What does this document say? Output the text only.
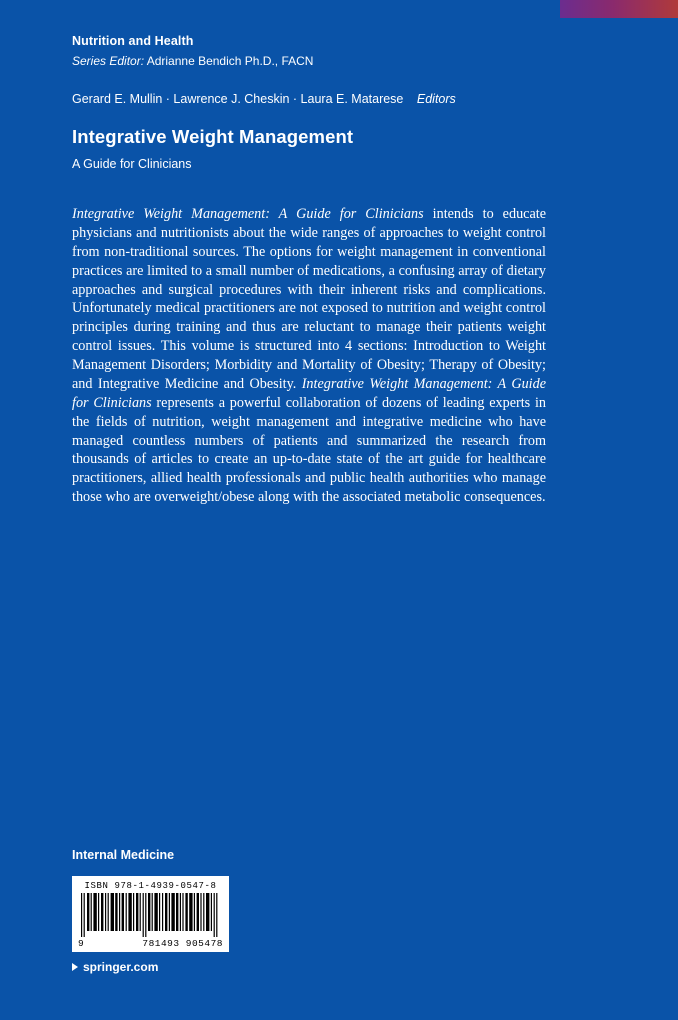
Nutrition and Health
Series Editor: Adrianne Bendich Ph.D., FACN
Gerard E. Mullin · Lawrence J. Cheskin · Laura E. Matarese Editors
Integrative Weight Management
A Guide for Clinicians

Integrative Weight Management: A Guide for Clinicians intends to educate physicians and nutritionists about the wide ranges of approaches to weight control from non-traditional sources. The options for weight management in conventional practices are limited to a small number of medications, a confusing array of dietary approaches and surgical procedures with their inherent risks and complications. Unfortunately medical practitioners are not exposed to nutrition and weight control principles during training and thus are reluctant to manage their patients weight control issues. This volume is structured into 4 sections: Introduction to Weight Management Disorders; Morbidity and Mortality of Obesity; Therapy of Obesity; and Integrative Medicine and Obesity. Integrative Weight Management: A Guide for Clinicians represents a powerful collaboration of dozens of leading experts in the fields of nutrition, weight management and integrative medicine who have managed countless numbers of patients and summarized the research from thousands of articles to create an up-to-date state of the art guide for healthcare practitioners, allied health professionals and public health authorities who manage those who are overweight/obese along with the associated metabolic consequences.

Internal Medicine
ISBN 978-1-4939-0547-8
9	781493 905478
springer.com
